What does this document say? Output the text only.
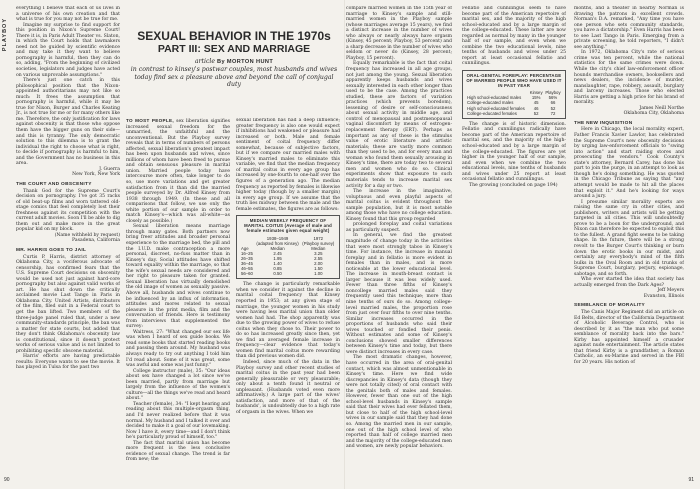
PLAYBOY

everything I believe that each of us lives in a universe of his own creation and that what is true for you may not be true for me.

Imagine my surprise to find support for this position in Nixon's Supreme Court! There it is, in Paris Adult Theater vs. Slaton, in which the Court holds that lawmakers need not be guided by scientific evidence and may take it they want to believe pornography is harmful, then they can do so, adding, "From the beginning of civilized societies, legislators and judges have acted on various unprovable assumptions."

There's just one catch in this philosophical position that the Nixon-appointed authoritarians may not like so much: It frees the assumption that pornography is harmful, while it may be true for Nixon, Burger and Charles Keating Jr., is not true for me or for many others like me. Therefore, the only justification for laws against obscenity is that those who oppose them have the bigger guns on their side—and this is tyranny. The only democratic solution to this dilemma is to grant the individual the right to choose what is right, to decide if pornography is harmful to him, and the Government has no business in this area.

J. Guerra

New York, New York

THE COURT AND OBSCENITY

Thank God for the Supreme Court's decision on pornography. I've got 35 racks of old beat-up films and worn tattered old-stage comics that feel completely lost their freshness against its competition with the current adult movies. Soon I'll be able to dig them out and make more in the great popular kid on my block.

(Name withheld by request)

Pasadena, California

MR. HARRIS GOES TO JAIL

Curtis P. Harris, district attorney of Oklahoma City, a vociferous advocate of censorship, has confirmed fears that the U.S. Supreme Court decisions on obscenity would be used not just against hard-core pornography but also against valid works of art. He has shut down the critically acclaimed movie Last Tango in Paris in Oklahoma City. United Artists, distributors of the film, filed suit in a Federal court to get the ban lifted. Two members of the three-judge panel ruled that, under a new community-standards principle, the ban was a matter for state courts, but added that they don't think Oklahoma's obscenity law is constitutional, since it doesn't protect works of serious value and is not limited to prohibiting specific obscene material.

Harris' efforts are having predictable results: Everyone wants to see the movie. It has played in Tulsa for the past two

SEXUAL BEHAVIOR IN THE 1970s

PART III: SEX AND MARRIAGE

article By MORTON HUNT
in contrast to kinsey's postwar couples, most husbands and wives today find sex a pleasure above and beyond the call of conjugal duty

TO MOST PEOPLE, sex liberation signifies increased sexual freedom for the unmarried, the unfaithful and the unconventional. But the Playboy survey reveals that in terms of numbers of persons affected, sexual liberation's greatest impact has been upon husbands and wives, since millions of whom have been freed to pursue and obtain sensuous pleasure in marital union. Married people today have intercourse more often, take longer to do so, use more variations and get greater satisfaction from it than did the married people surveyed by Dr. Alfred Kinsey from 1938 through 1949. (In these and all comparisons that follow, we use only the white portion of our sample in order to match Kinsey's—which was all-white—as closely as possible.)

Sexual liberation means marriage through many gates. Both partners now bring freer attitudes and broader personal experience to the marriage bed, the pill and the I.U.D. make contraception a more personal, discreet, no-fuss matter than in Kinsey's day. Social attitudes have shifted toward equality within the marriage, so that the wife's sexual needs are considered and her right to pleasure taken for granted. Sexual liberation has virtually demolished the old image of women as sexually passive. Above all, husbands and wives continue to be influenced by an influx of information, attitudes and mores related to sexual pleasure in the print media, film and the conversation of friends. Here is testimony from interviews that supplemented the survey:

Waitress, 27: "What changed our sex life was when I heard of sex guide books. We read some books that started reading books and passing them around. My husband was always ready to try out anything I told him I'd read about. Some of it was great, some was awful and some was just funny."

College instructor (male), 35: "Our ideas about sex have changed a lot since we've been married, partly from marriage but largely from the influence of the women's culture—all the things we've read and heard about."

Teacher (female), 34: "I kept hearing and reading about this multiple-orgasm thing, and I'd never realized before that it was normal. My husband and I talked it over and decided to make it a goal of our lovemaking. Now I have it, every time—and I don't think he's particularly proud of himself, too."

The fact that marital union has become more frequent is the less conclusive evidence of sexual change. The trend is far from new; the

sexual liberation has had a deep influence; greater frequency is also one would expect if inhibitions had weakened or pleasure had increased or both. Male and female sentiment of coital frequency differ somewhat, because of subjective factors, but if we compare our married males with Kinsey's married males to eliminate this variable, we find that the median frequency of marital coitus in every age group has increased by one-fourth to one-half over the figures of a generation ago. The median frequency as reported by females is likewise higher today (though by a smaller margin) in every age group. If we assume that the truth lies midway between the male and the female estimates, the figures are as follows:

MEDIAN WEEKLY FREQUENCY OF MARITAL COITUS (Average of male and female estimates given equal weight)
	1938–1949	1972
	(adapted from Kinsey)	(Playboy survey)
Age	Median	Median
16–25	2.45	3.25
26–35	1.95	2.55
36–45	1.40	2.00
46–55	0.85	1.50
56–60	0.50	1.00

The change is particularly remarkable when we consider it against the decline in marital coital frequency that Kinsey reported in 1953; at any given stage of marriage, the younger women in his study were having less marital union than older women had had. The shop apparently was due to the growing power of wives to refuse coitus when they chose to. Their power to do so has increased greatly since then, yet we find an averaged female increase in frequency—clear evidence that today's women find marital coitus more rewarding than did previous women did.

Indeed, since much of the data in the Playboy survey and other recent studies of marital coitus in the past year had been generally pleasurable or very pleasurable; only about a tenth found it neutral or unpleasant. (Husbands voted even more affirmatively.) A large part of the wives' satisfaction, and more of that of the husbands', is undoubtedly due to a high rate of orgasm in the wives. When we

compare married women in the 15th year of marriage to Kinsey's sample and still-married women in the Playboy sample (whose marriages average 15 years), we find a distinct increase in the number of wives who always or nearly always have orgasm (Kinsey, 45 percent; Playboy, 53 percent) and a sharp decrease in the number of wives who seldom or never do (Kinsey, 28 percent; Playboy, 15 percent).

Equally remarkable is the fact that coital frequency has increased in all age groups, not just among the young. Sexual liberation apparently keeps husbands and wives sexually interested in each other longer than used to be the case. Among the practices studied, these are factors of variation practices (which prevents boredom), lessening of desire or self-consciousness about sexual activity in middle age, and control of menopausal and postmenopausal vaginal discomfort by means of estrogen-replacement therapy (ERT). Perhaps as important as any of these is the stimulus value of erotic literature and artistic materials; these are vastly more common than they used to be, and for every man and woman who found them sexually arousing in Kinsey's time, there are today two to several men and women who do so. Clinical experiments show that exposure to such materials tends to increase marital sex activity for a day or two.

The increase in the imaginative, voluptuous and even playful aspects of marital coitus is evident throughout the sample population, but it is most notable among those who have no college education. Kinsey found that this group regarded

prolonged foreplay and coital variations as particularly suspect.

In general, we find the greatest magnitude of change today in the activities that were most strongly taboo in Kinsey's time. For instance, the increase in manual foreplay and in fellatio is more evident in females than in males, and is more noticeable at the lower educational level. The increase in mouth-breast contact is larger because it was less widely used. Fewer than three fifths of Kinsey's noncollege married males said they frequently used this technique; more than nine tenths of ours do so. Among college-level married males, the proportion rose from just over four fifths to over nine tenths. Similar increases occurred in the proportions of husbands who said their wives touched or fondled their penis. Without estimates and some of Kinsey's conclusions showed smaller differences between Kinsey's time and today, but there were distinct increases in every case.

The most dramatic changes, however, have occurred in the area of oral-genital contact, which was almost unmentionable in Kinsey's time. Here we find wide discrepancies in Kinsey's data (though they were not totally cited) of oral contact with the genitals both of males and females. However, fewer than one out of the high school-level husbands in Kinsey's sample said that their wives had ever fellated them, but close to half of the high school-level wives in our sample said that they had done so. Among the married men in our sample, one out of the high school level of who reported than half of college married men and the majority of the college-educated men and women, are newly popular behaviors.

Fellatio and cunnilingus seem to have become part of the American repertoire of marital sex, and the majority of the high school-educated and by a large margin of the college-educated. These latter are now regarded as normal by many in the younger half of our sample, and even when we combine the two educational levels, nine tenths of husbands and wives under 25 report at least occasional fellatio and cunnilingus.

ORAL-GENITAL FOREPLAY: PERCENTAGE OF MARRIED PEOPLE WHO HAVE USED IT IN PAST YEAR
	Kinsey	Playboy
High school-educated males	15%	56%
College-educated males	45	66
High school-educated females	46	52
College-educated females	52	72

The change is of historic dimension. Fellatio and cunnilingus radically have become part of the American repertoire of marital sex, and the majority of the high-school-educated and by a large margin of the college-educated. The figures are yet higher in the younger half of our sample, and even when we combine the two educational levels, nine tenths of husbands and wives under 25 report at least occasional fellatio and cunnilingus.

The growing (concluded on page 194)

months, and a theater in nearby Norman is drawing the patrons in excellent crowds. Norman's D.A. remarked, "Any time you have one person who sets community standards, you have a dictatorship." Even Harris has been to see Last Tango in Paris. Emerging from a private screening, he told reporters, "I didn't see anything."

In 1972, Oklahoma City's rate of serious crime was ten percent, while the national statistics for the same crimes were down. While the city's chief law-enforcement officer hounds merchandise owners, booksellers and news dealers, the incidence of murder, manslaughter, rape, robbery, assault, burglary and larceny increases. Those who elected Harris are getting a high price for his brand of morality.

James Neill Northe

Oklahoma City, Oklahoma

THE NEW INQUISITION

Here in Chicago, the local morality expert, Father Francis Xavier Lawlor, has celebrated the Supreme Court's new obscenity decisions by urging law-enforcement officials to "swing into action" and start raiding stores and prosecuting the vendors." Cook County's state's attorney, Bernard Carey, has done his part to join the purge, in an attempt to look as though he's doing something. He was quoted in the Chicago Tribune as saying that "any attempt would be made to hit all the places that exploit it." And he's looking for ways around a jury.

I presume similar morality experts are raising the same cry in other cities, and publishers, writers and artists will be getting targeted in all cities. This will undoubtedly prove to be a boon for the underground, and Nixon can therefore be expected to exploit this to the fullest. A grand fight seems to be taking shape. In the future, there will be a strong revolt to the Burger Court's thinking or burn down the erotic books in our midst, and certainly any everybody's mind of the filth bulks in the Oval Room and in old trunks of Supreme Court, burglary, perjury, espionage, sabotage, and so forth.

Who ever started the idea that society has actually emerged from the Dark Ages?

Jeff Meyers

Evanston, Illinois

SEMBLANCE OF MORALITY

The Canis Major Regiment did an article on Ed Belts, director of the California Department of Alcoholic Beverage Control, who is described by it as "the man who put some semblance of morality back into the bars." Kirby has appointed himself a crusader against nude entertainment. The article states that friend Kirby is a grandfather, a Roman Catholic, an ex-Marine and served in the FBI for 20 years. His notion of

90	91
